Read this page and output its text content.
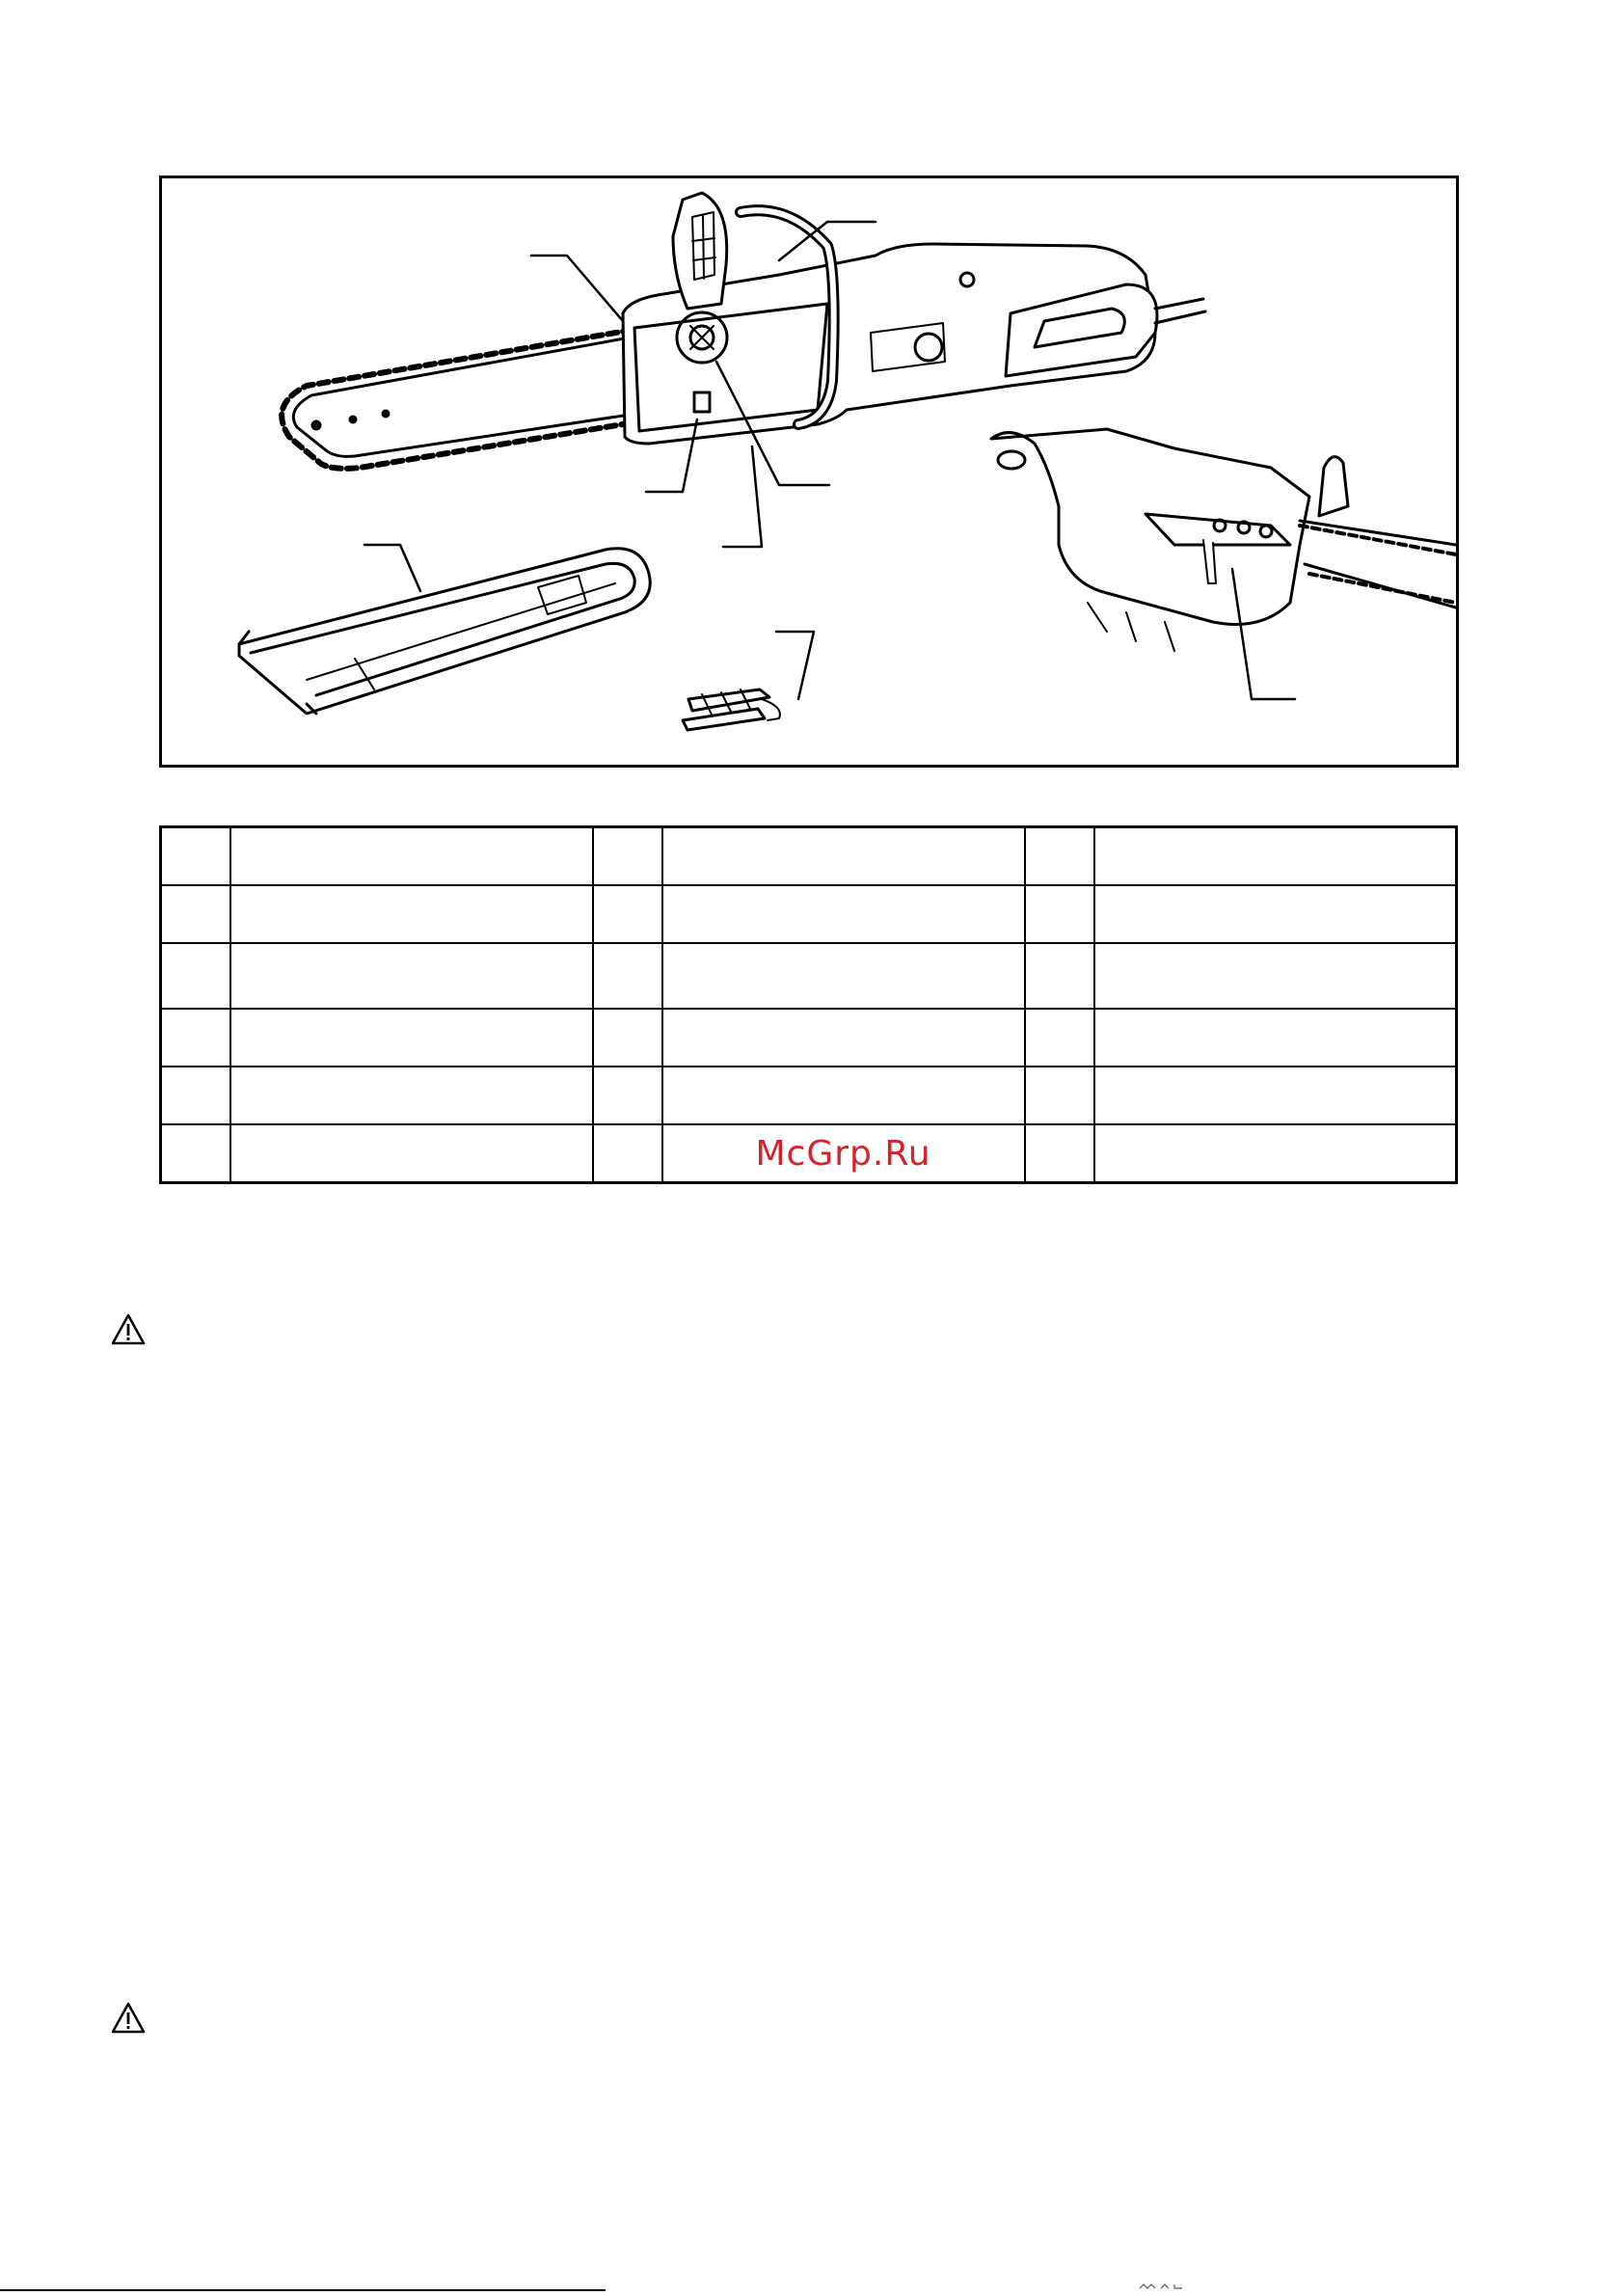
			McGrp.Ru		
